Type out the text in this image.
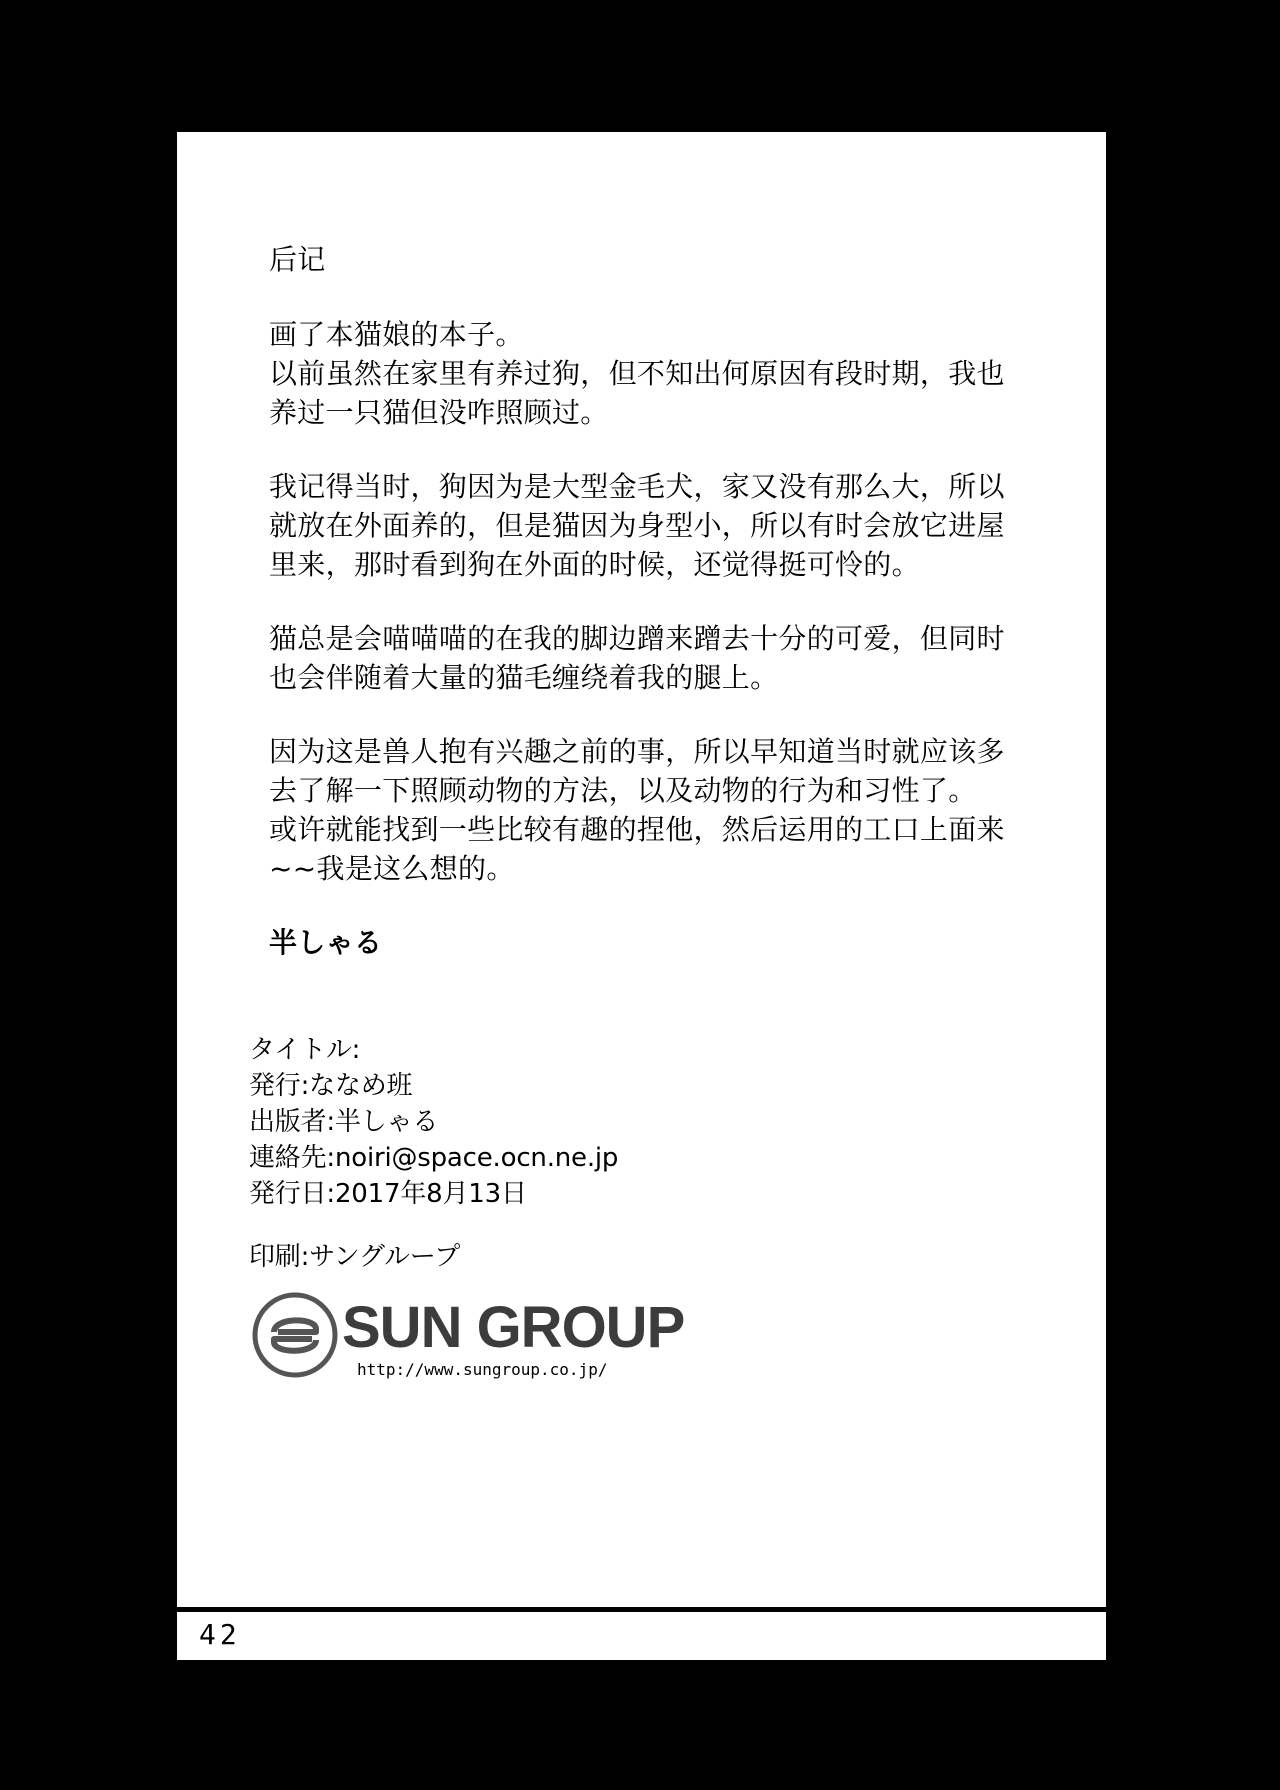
后记
画了本猫娘的本子。
以前虽然在家里有养过狗，但不知出何原因有段时期，我也
养过一只猫但没咋照顾过。
我记得当时，狗因为是大型金毛犬，家又没有那么大，所以
就放在外面养的，但是猫因为身型小，所以有时会放它进屋
里来，那时看到狗在外面的时候，还觉得挺可怜的。
猫总是会喵喵喵的在我的脚边蹭来蹭去十分的可爱，但同时
也会伴随着大量的猫毛缠绕着我的腿上。
因为这是兽人抱有兴趣之前的事，所以早知道当时就应该多
去了解一下照顾动物的方法，以及动物的行为和习性了。
或许就能找到一些比较有趣的捏他，然后运用的工口上面来
~~我是这么想的。
半しゃる
タイトル:
発行:ななめ班
出版者:半しゃる
連絡先:noiri@space.ocn.ne.jp
発行日:2017年8月13日
印刷:サングループ
SUN GROUP
http://www.sungroup.co.jp/
42
